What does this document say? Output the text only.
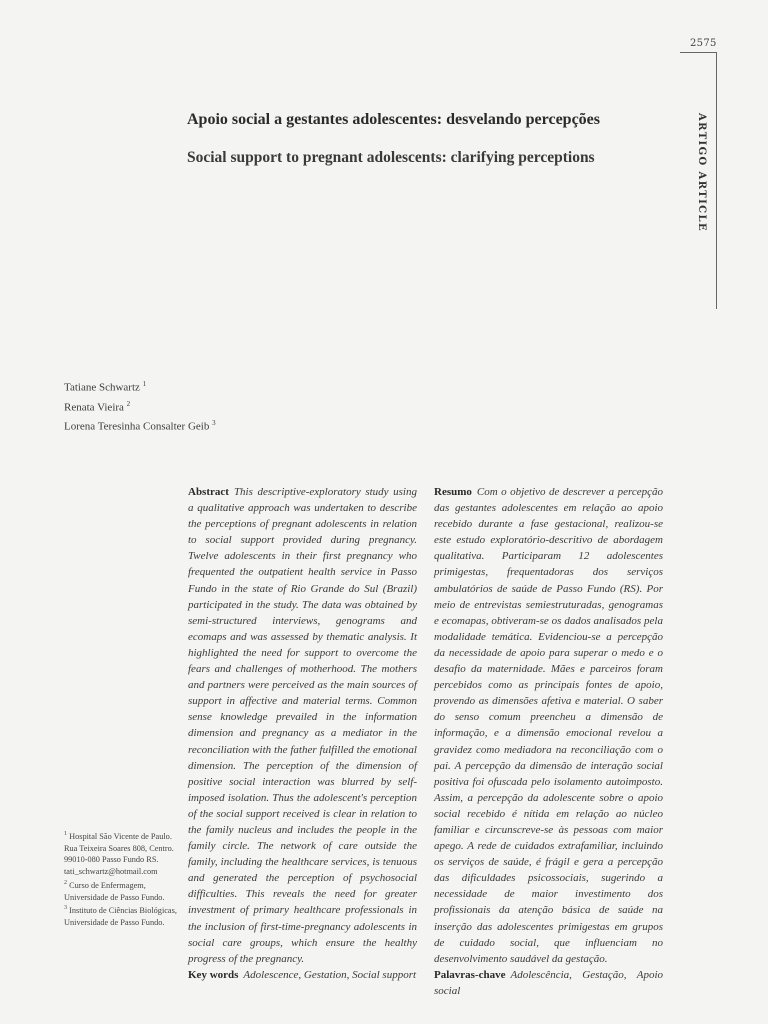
2575
ARTIGO ARTICLE
Apoio social a gestantes adolescentes: desvelando percepções
Social support to pregnant adolescents: clarifying perceptions
Tatiane Schwartz $^1$
Renata Vieira $^2$
Lorena Teresinha Consalter Geib $^3$
$^1$ Hospital São Vicente de Paulo. Rua Teixeira Soares 808, Centro. 99010-080 Passo Fundo RS. tati_schwartz@hotmail.com
$^2$ Curso de Enfermagem, Universidade de Passo Fundo.
$^3$ Instituto de Ciências Biológicas, Universidade de Passo Fundo.
Abstract This descriptive-exploratory study using a qualitative approach was undertaken to describe the perceptions of pregnant adolescents in relation to social support provided during pregnancy. Twelve adolescents in their first pregnancy who frequented the outpatient health service in Passo Fundo in the state of Rio Grande do Sul (Brazil) participated in the study. The data was obtained by semi-structured interviews, genograms and ecomaps and was assessed by thematic analysis. It highlighted the need for support to overcome the fears and challenges of motherhood. The mothers and partners were perceived as the main sources of support in affective and material terms. Common sense knowledge prevailed in the information dimension and pregnancy as a mediator in the reconciliation with the father fulfilled the emotional dimension. The perception of the dimension of positive social interaction was blurred by self-imposed isolation. Thus the adolescent's perception of the social support received is clear in relation to the family nucleus and includes the people in the family circle. The network of care outside the family, including the healthcare services, is tenuous and generated the perception of psychosocial difficulties. This reveals the need for greater investment of primary healthcare professionals in the inclusion of first-time-pregnancy adolescents in social care groups, which ensure the healthy progress of the pregnancy.
Key words Adolescence, Gestation, Social support
Resumo Com o objetivo de descrever a percepção das gestantes adolescentes em relação ao apoio recebido durante a fase gestacional, realizou-se este estudo exploratório-descritivo de abordagem qualitativa. Participaram 12 adolescentes primigestas, frequentadoras dos serviços ambulatórios de saúde de Passo Fundo (RS). Por meio de entrevistas semiestruturadas, genogramas e ecomapas, obtiveram-se os dados analisados pela modalidade temática. Evidenciou-se a percepção da necessidade de apoio para superar o medo e o desafio da maternidade. Mães e parceiros foram percebidos como as principais fontes de apoio, provendo as dimensões afetiva e material. O saber do senso comum preencheu a dimensão de informação, e a dimensão emocional revelou a gravidez como mediadora na reconciliação com o pai. A percepção da dimensão de interação social positiva foi ofuscada pelo isolamento autoimposto. Assim, a percepção da adolescente sobre o apoio social recebido é nítida em relação ao núcleo familiar e circunscreve-se às pessoas com maior apego. A rede de cuidados extrafamiliar, incluindo os serviços de saúde, é frágil e gera a percepção das dificuldades psicossociais, sugerindo a necessidade de maior investimento dos profissionais da atenção básica de saúde na inserção das adolescentes primigestas em grupos de cuidado social, que influenciam no desenvolvimento saudável da gestação.
Palavras-chave Adolescência, Gestação, Apoio social
